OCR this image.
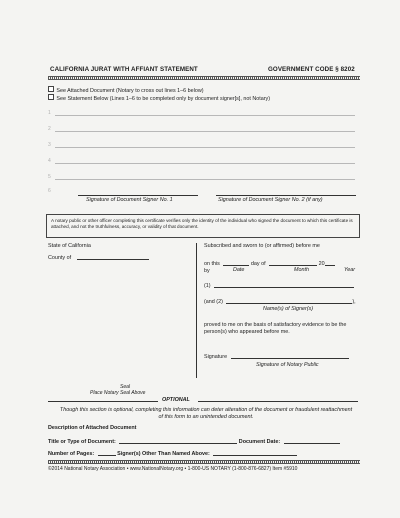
CALIFORNIA JURAT WITH AFFIANT STATEMENT	GOVERNMENT CODE § 8202
See Attached Document (Notary to cross out lines 1–6 below)
See Statement Below (Lines 1–6 to be completed only by document signer[s], not Notary)
1
2
3
4
5
6
Signature of Document Signer No. 1	Signature of Document Signer No. 2 (if any)
A notary public or other officer completing this certificate verifies only the identity of the individual who signed the document to which this certificate is attached, and not the truthfulness, accuracy, or validity of that document.
State of California
County of
Subscribed and sworn to (or affirmed) before me
on this	day of	20
by	Date	Month	Year
(1)
(and (2)	),
Name(s) of Signer(s)
proved to me on the basis of satisfactory evidence to be the person(s) who appeared before me.
Signature
Signature of Notary Public
Seal
Place Notary Seal Above
OPTIONAL
Though this section is optional, completing this information can deter alteration of the document or fraudulent reattachment of this form to an unintended document.
Description of Attached Document
Title or Type of Document:	Document Date:
Number of Pages:	Signer(s) Other Than Named Above:
©2014 National Notary Association • www.NationalNotary.org • 1-800-US NOTARY (1-800-876-6827) Item #5910
